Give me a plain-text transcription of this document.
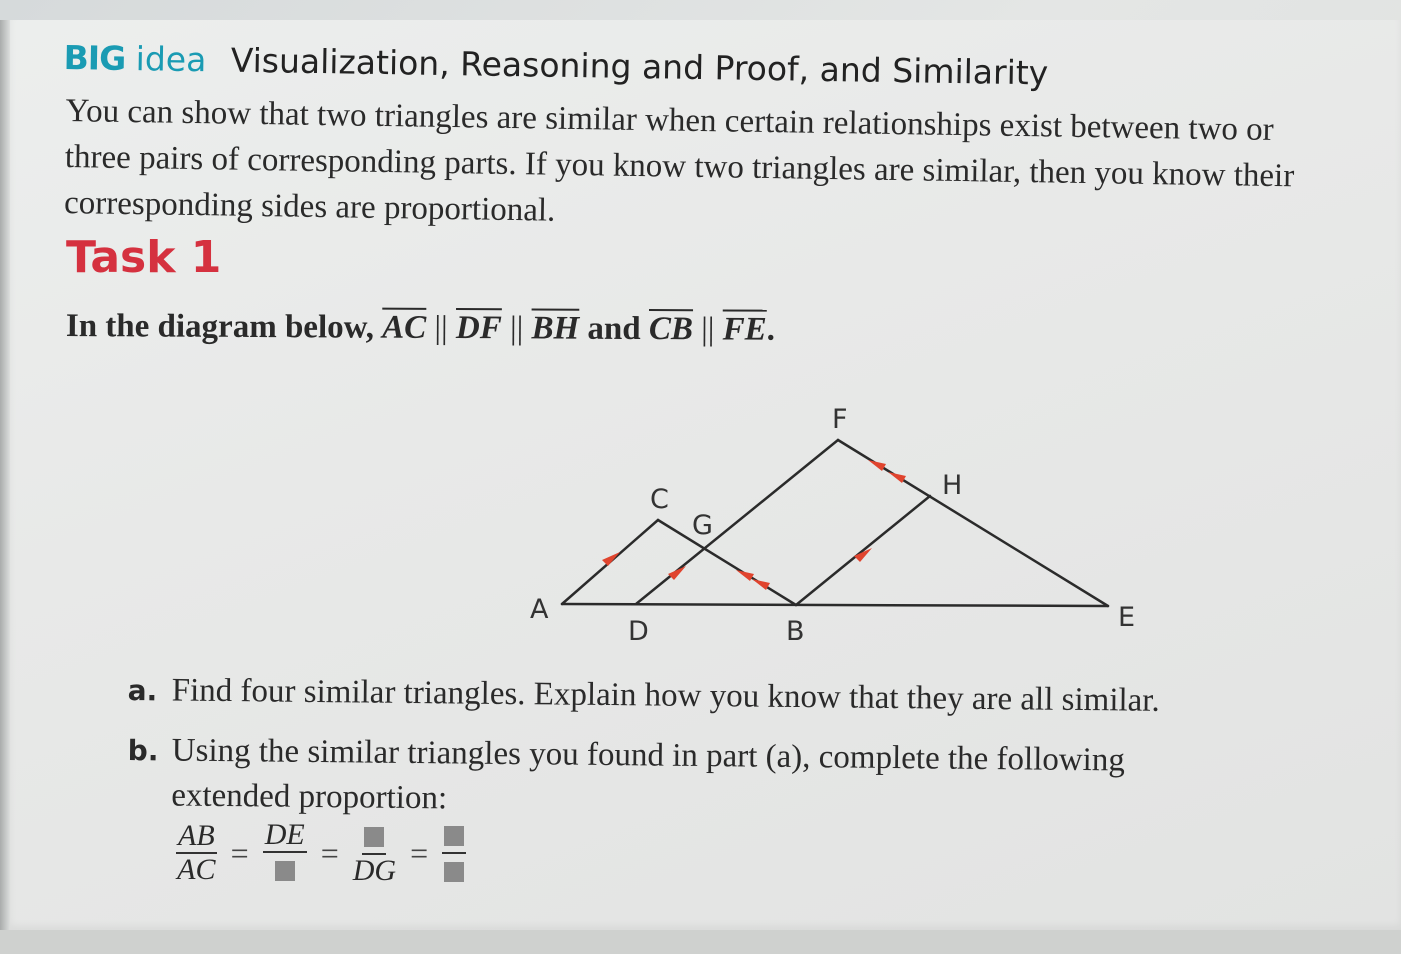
BIG idea Visualization, Reasoning and Proof, and Similarity
You can show that two triangles are similar when certain relationships exist between two or three pairs of corresponding parts. If you know two triangles are similar, then you know their corresponding sides are proportional.
Task 1
In the diagram below, $\overline{AC}$ || $\overline{DF}$ || $\overline{BH}$ and $\overline{CB}$ || $\overline{FE}$.
A
C
G
D	B
F
H
E
a. Find four similar triangles. Explain how you know that they are all similar.
b. Using the similar triangles you found in part (a), complete the following
extended proportion:
$\frac{AB}{AC}$ =
DE
=
DG
=
